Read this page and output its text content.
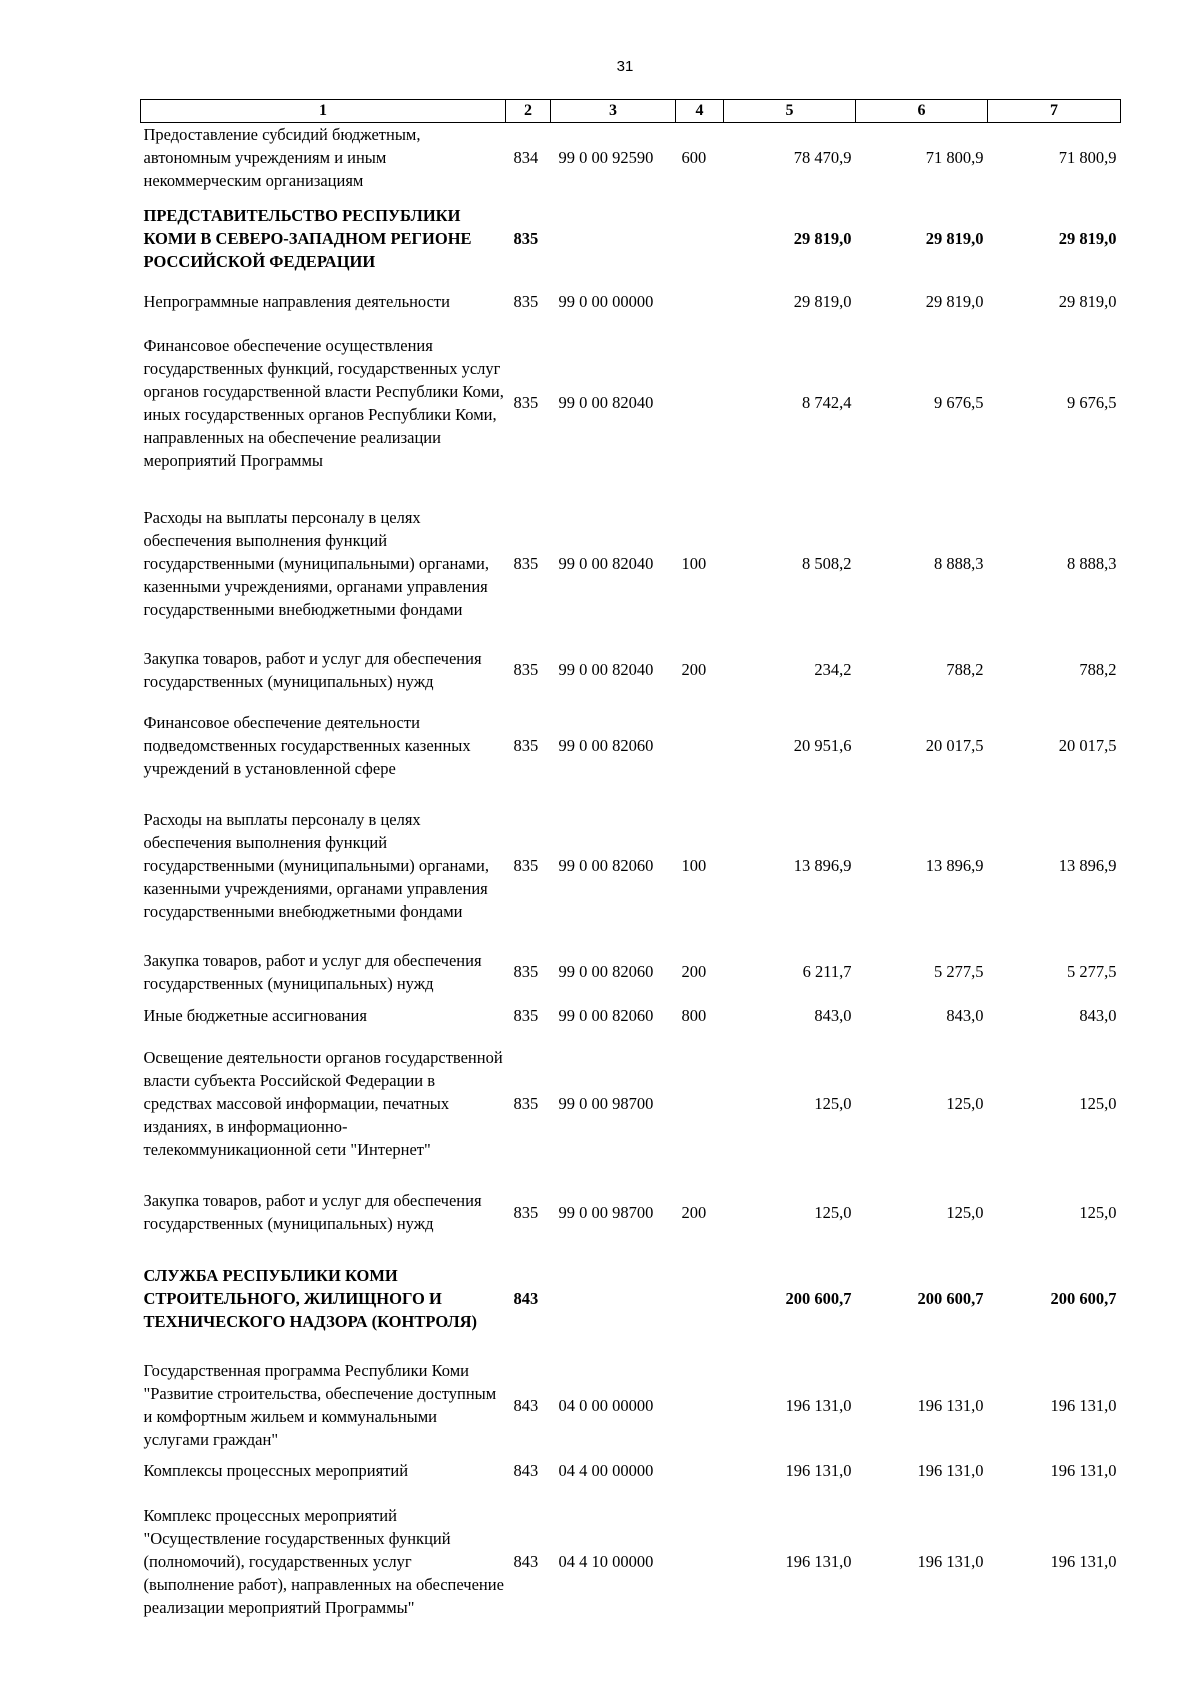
31
1	2	3	4	5	6	7
Предоставление субсидий бюджетным, автономным учреждениям и иным некоммерческим организациям	834	99 0 00 92590	600	78 470,9	71 800,9	71 800,9
ПРЕДСТАВИТЕЛЬСТВО РЕСПУБЛИКИ КОМИ В СЕВЕРО-ЗАПАДНОМ РЕГИОНЕ РОССИЙСКОЙ ФЕДЕРАЦИИ	835			29 819,0	29 819,0	29 819,0
Непрограммные направления деятельности	835	99 0 00 00000		29 819,0	29 819,0	29 819,0
Финансовое обеспечение осуществления государственных функций, государственных услуг органов государственной власти Республики Коми, иных государственных органов Республики Коми, направленных на обеспечение реализации мероприятий Программы	835	99 0 00 82040		8 742,4	9 676,5	9 676,5
Расходы на выплаты персоналу в целях обеспечения выполнения функций государственными (муниципальными) органами, казенными учреждениями, органами управления государственными внебюджетными фондами	835	99 0 00 82040	100	8 508,2	8 888,3	8 888,3
Закупка товаров, работ и услуг для обеспечения государственных (муниципальных) нужд	835	99 0 00 82040	200	234,2	788,2	788,2
Финансовое обеспечение деятельности подведомственных государственных казенных учреждений в установленной сфере	835	99 0 00 82060		20 951,6	20 017,5	20 017,5
Расходы на выплаты персоналу в целях обеспечения выполнения функций государственными (муниципальными) органами, казенными учреждениями, органами управления государственными внебюджетными фондами	835	99 0 00 82060	100	13 896,9	13 896,9	13 896,9
Закупка товаров, работ и услуг для обеспечения государственных (муниципальных) нужд	835	99 0 00 82060	200	6 211,7	5 277,5	5 277,5
Иные бюджетные ассигнования	835	99 0 00 82060	800	843,0	843,0	843,0
Освещение деятельности органов государственной власти субъекта Российской Федерации в средствах массовой информации, печатных изданиях, в информационно-телекоммуникационной сети "Интернет"	835	99 0 00 98700		125,0	125,0	125,0
Закупка товаров, работ и услуг для обеспечения государственных (муниципальных) нужд	835	99 0 00 98700	200	125,0	125,0	125,0
СЛУЖБА РЕСПУБЛИКИ КОМИ СТРОИТЕЛЬНОГО, ЖИЛИЩНОГО И ТЕХНИЧЕСКОГО НАДЗОРА (КОНТРОЛЯ)	843			200 600,7	200 600,7	200 600,7
Государственная программа Республики Коми "Развитие строительства, обеспечение доступным и комфортным жильем и коммунальными услугами граждан"	843	04 0 00 00000		196 131,0	196 131,0	196 131,0
Комплексы процессных мероприятий	843	04 4 00 00000		196 131,0	196 131,0	196 131,0
Комплекс процессных мероприятий "Осуществление государственных функций (полномочий), государственных услуг (выполнение работ), направленных на обеспечение реализации мероприятий Программы"	843	04 4 10 00000		196 131,0	196 131,0	196 131,0
